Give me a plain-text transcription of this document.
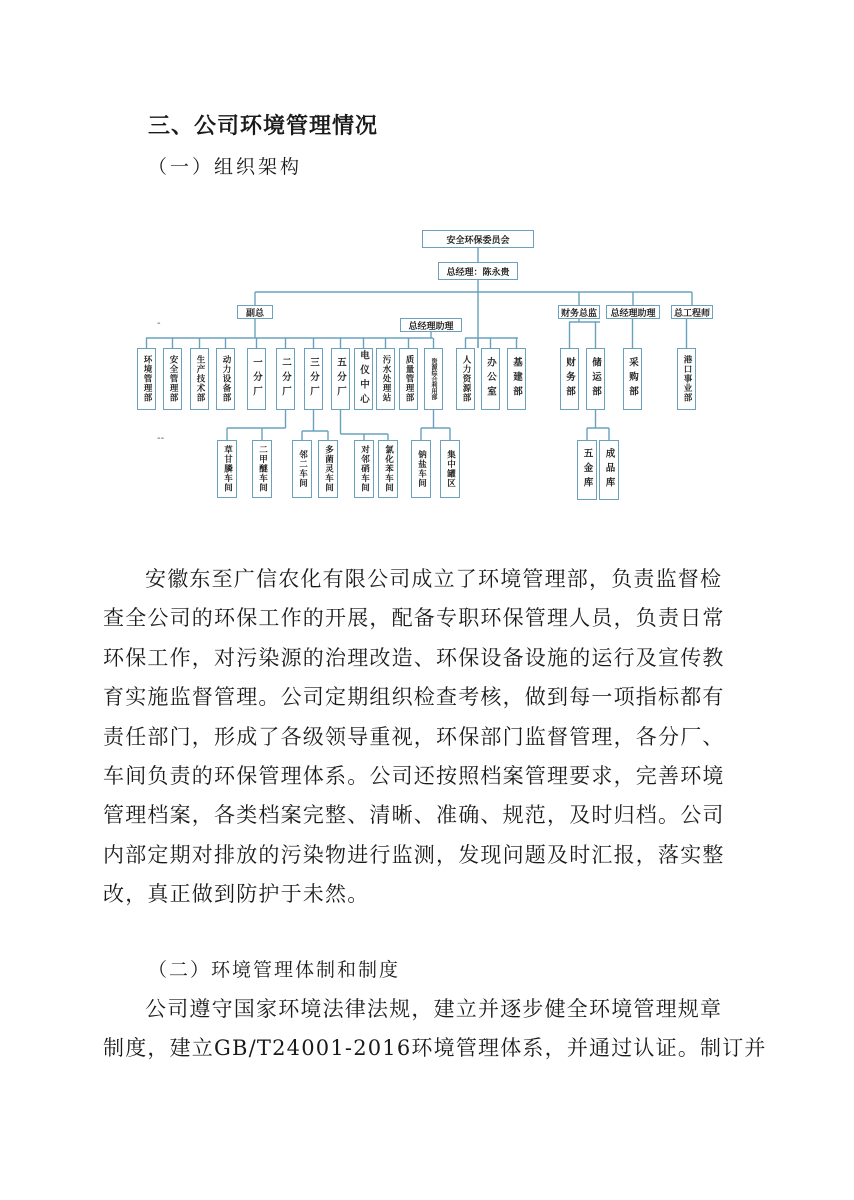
三、公司环境管理情况
（一）组织架构
-
--
安全环保委员会
总经理：陈永贵
副总
总经理助理
财务总监	总经理助理	总工程师
环境管理部	安全管理部	生产技术部	动力设备部	一分厂	二分厂	三分厂	五分厂	电仪中心	污水处理站	质量管理部	资源综合利用部	人力资源部	办公室	基建部	财务部	储运部	采购部	港口事业部
草甘膦车间	二甲醚车间	邻二车间	多菌灵车间	对邻硝车间	氯化苯车间	钠盐车间	集中罐区	五金库	成品库

安徽东至广信农化有限公司成立了环境管理部，负责监督检

查全公司的环保工作的开展，配备专职环保管理人员，负责日常

环保工作，对污染源的治理改造、环保设备设施的运行及宣传教

育实施监督管理。公司定期组织检查考核，做到每一项指标都有

责任部门，形成了各级领导重视，环保部门监督管理，各分厂、

车间负责的环保管理体系。公司还按照档案管理要求，完善环境

管理档案，各类档案完整、清晰、准确、规范，及时归档。公司

内部定期对排放的污染物进行监测，发现问题及时汇报，落实整

改，真正做到防护于未然。

（二）环境管理体制和制度

公司遵守国家环境法律法规，建立并逐步健全环境管理规章

制度，建立GB/T24001-2016环境管理体系，并通过认证。制订并
